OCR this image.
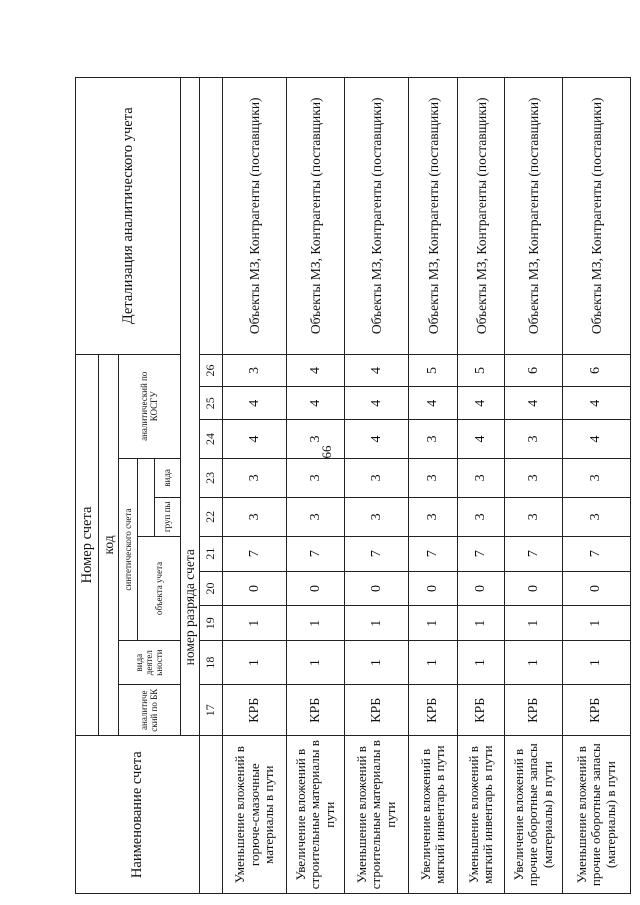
66
Наименование счета	Номер счета										Детализация аналитического учета
	код										
	аналитиче ский по БК	вида деятел ьности	синтетического счета					аналитический по КОСГУ			
			объекта учета								
						груп пы	вида				
	номер разряда счета										
	17	18	19	20	21	22	23	24	25	26	
Уменьшение вложений в горюче-смазочные материалы в пути	КРБ	1	1	0	7	3	3	4	4	3	Объекты МЗ, Контрагенты (поставщики)
Увеличение вложений в строительные материалы в пути	КРБ	1	1	0	7	3	3	3	4	4	Объекты МЗ, Контрагенты (поставщики)
Уменьшение вложений в строительные материалы в пути	КРБ	1	1	0	7	3	3	4	4	4	Объекты МЗ, Контрагенты (поставщики)
Увеличение вложений в мягкий инвентарь в пути	КРБ	1	1	0	7	3	3	3	4	5	Объекты МЗ, Контрагенты (поставщики)
Уменьшение вложений в мягкий инвентарь в пути	КРБ	1	1	0	7	3	3	4	4	5	Объекты МЗ, Контрагенты (поставщики)
Увеличение вложений в прочие оборотные запасы (материалы) в пути	КРБ	1	1	0	7	3	3	3	4	6	Объекты МЗ, Контрагенты (поставщики)
Уменьшение вложений в прочие оборотные запасы (материалы) в пути	КРБ	1	1	0	7	3	3	4	4	6	Объекты МЗ, Контрагенты (поставщики)
